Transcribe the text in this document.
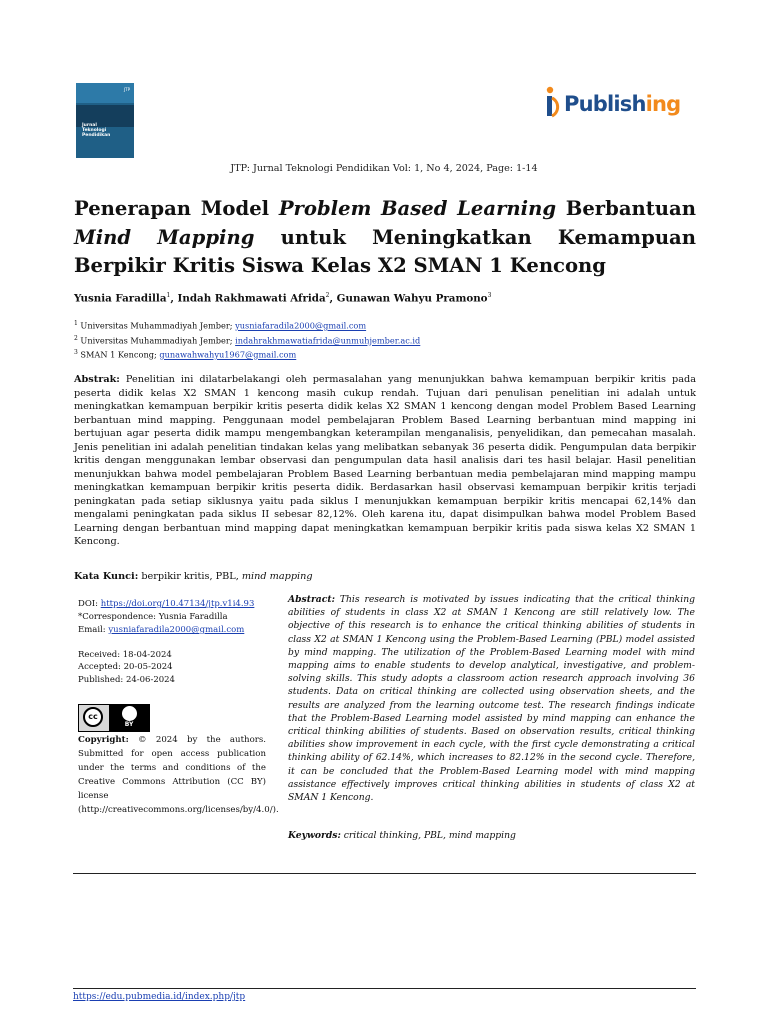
JTP
Jurnal Teknologi Pendidikan
Publishing
JTP: Jurnal Teknologi Pendidikan Vol: 1, No 4, 2024, Page: 1-14
Penerapan Model Problem Based Learning Berbantuan Mind Mapping untuk Meningkatkan Kemampuan Berpikir Kritis Siswa Kelas X2 SMAN 1 Kencong
Yusnia Faradilla$^1$, Indah Rakhmawati Afrida$^2$, Gunawan Wahyu Pramono$^3$
$^1$ Universitas Muhammadiyah Jember; yusniafaradila2000@gmail.com
$^2$ Universitas Muhammadiyah Jember; indahrakhmawatiafrida@unmuhjember.ac.id
$^3$ SMAN 1 Kencong; gunawahwahyu1967@gmail.com
Abstrak: Penelitian ini dilatarbelakangi oleh permasalahan yang menunjukkan bahwa kemampuan berpikir kritis pada peserta didik kelas X2 SMAN 1 kencong masih cukup rendah. Tujuan dari penulisan penelitian ini adalah untuk meningkatkan kemampuan berpikir kritis peserta didik kelas X2 SMAN 1 kencong dengan model Problem Based Learning berbantuan mind mapping. Penggunaan model pembelajaran Problem Based Learning berbantuan mind mapping ini bertujuan agar peserta didik mampu mengembangkan keterampilan menganalisis, penyelidikan, dan pemecahan masalah. Jenis penelitian ini adalah penelitian tindakan kelas yang melibatkan sebanyak 36 peserta didik. Pengumpulan data berpikir kritis dengan menggunakan lembar observasi dan pengumpulan data hasil analisis dari tes hasil belajar. Hasil penelitian menunjukkan bahwa model pembelajaran Problem Based Learning berbantuan media pembelajaran mind mapping mampu meningkatkan kemampuan berpikir kritis peserta didik. Berdasarkan hasil observasi kemampuan berpikir kritis terjadi peningkatan pada setiap siklusnya yaitu pada siklus I menunjukkan kemampuan berpikir kritis mencapai 62,14% dan mengalami peningkatan pada siklus II sebesar 82,12%. Oleh karena itu, dapat disimpulkan bahwa model Problem Based Learning dengan berbantuan mind mapping dapat meningkatkan kemampuan berpikir kritis pada siswa kelas X2 SMAN 1 Kencong.
Kata Kunci: berpikir kritis, PBL, mind mapping
DOI: https://doi.org/10.47134/jtp.v1i4.93
*Correspondence: Yusnia Faradilla
Email: yusniafaradila2000@gmail.com
Received: 18-04-2024
Accepted: 20-05-2024
Published: 24-06-2024
cc
BY
Copyright: © 2024 by the authors. Submitted for open access publication under the terms and conditions of the Creative Commons Attribution (CC BY) license (http://creativecommons.org/licenses/by/4.0/).
Abstract: This research is motivated by issues indicating that the critical thinking abilities of students in class X2 at SMAN 1 Kencong are still relatively low. The objective of this research is to enhance the critical thinking abilities of students in class X2 at SMAN 1 Kencong using the Problem-Based Learning (PBL) model assisted by mind mapping. The utilization of the Problem-Based Learning model with mind mapping aims to enable students to develop analytical, investigative, and problem-solving skills. This study adopts a classroom action research approach involving 36 students. Data on critical thinking are collected using observation sheets, and the results are analyzed from the learning outcome test. The research findings indicate that the Problem-Based Learning model assisted by mind mapping can enhance the critical thinking abilities of students. Based on observation results, critical thinking abilities show improvement in each cycle, with the first cycle demonstrating a critical thinking ability of 62.14%, which increases to 82.12% in the second cycle. Therefore, it can be concluded that the Problem-Based Learning model with mind mapping assistance effectively improves critical thinking abilities in students of class X2 at SMAN 1 Kencong.
Keywords: critical thinking, PBL, mind mapping
https://edu.pubmedia.id/index.php/jtp
